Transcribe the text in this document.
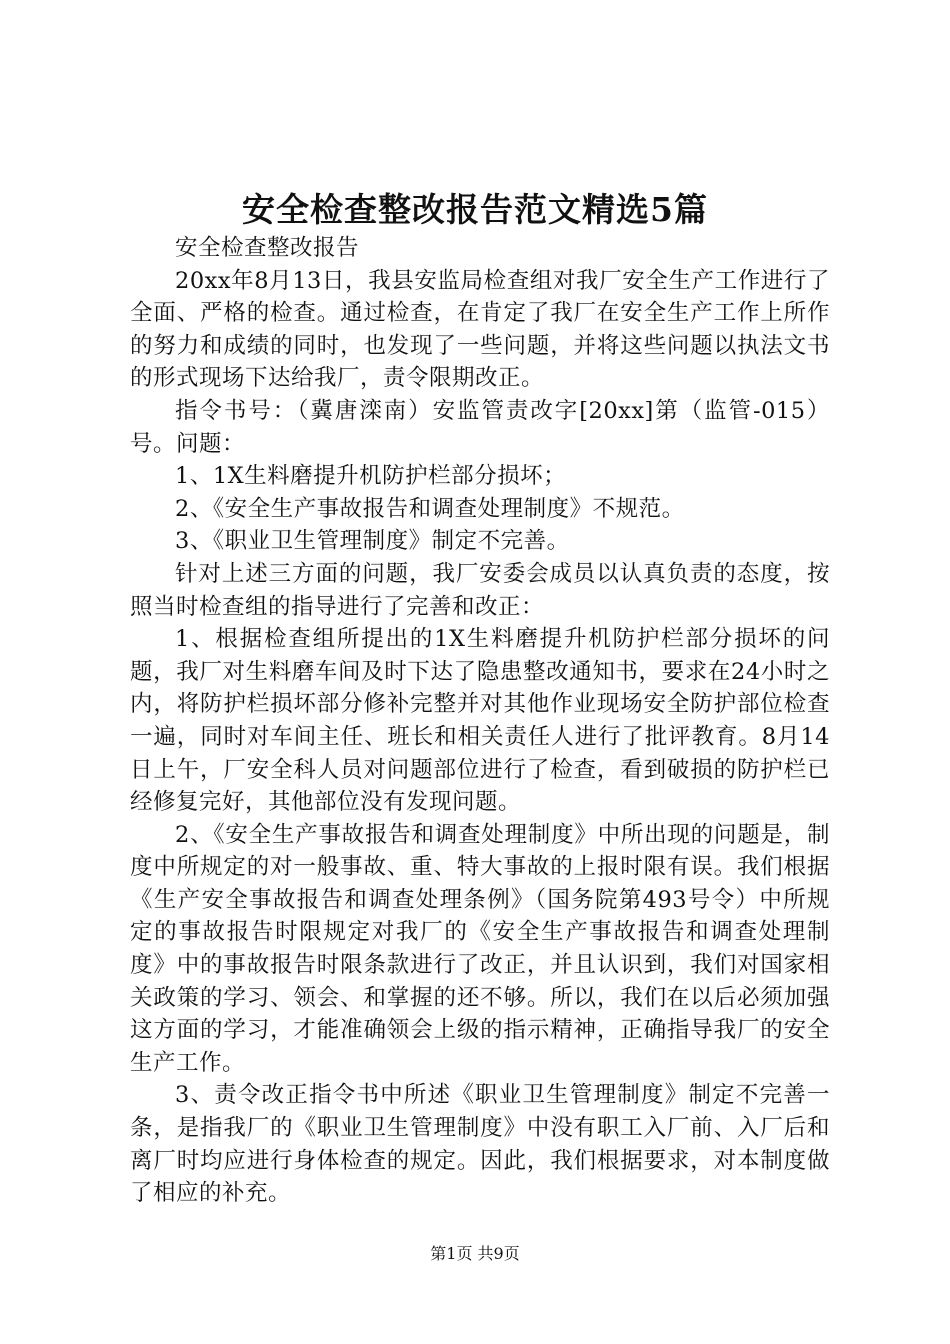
安全检查整改报告范文精选5篇

安全检查整改报告

20xx年8月13日，我县安监局检查组对我厂安全生产工作进行了全面、严格的检查。通过检查，在肯定了我厂在安全生产工作上所作的努力和成绩的同时，也发现了一些问题，并将这些问题以执法文书的形式现场下达给我厂，责令限期改正。

指令书号：（冀唐滦南）安监管责改字[20xx]第（监管-015）号。问题：

1、1X生料磨提升机防护栏部分损坏；

2、《安全生产事故报告和调查处理制度》不规范。

3、《职业卫生管理制度》制定不完善。

针对上述三方面的问题，我厂安委会成员以认真负责的态度，按照当时检查组的指导进行了完善和改正：

1、根据检查组所提出的1X生料磨提升机防护栏部分损坏的问题，我厂对生料磨车间及时下达了隐患整改通知书，要求在24小时之内，将防护栏损坏部分修补完整并对其他作业现场安全防护部位检查一遍，同时对车间主任、班长和相关责任人进行了批评教育。8月14日上午，厂安全科人员对问题部位进行了检查，看到破损的防护栏已经修复完好，其他部位没有发现问题。

2、《安全生产事故报告和调查处理制度》中所出现的问题是，制度中所规定的对一般事故、重、特大事故的上报时限有误。我们根据《生产安全事故报告和调查处理条例》（国务院第493号令）中所规定的事故报告时限规定对我厂的《安全生产事故报告和调查处理制度》中的事故报告时限条款进行了改正，并且认识到，我们对国家相关政策的学习、领会、和掌握的还不够。所以，我们在以后必须加强这方面的学习，才能准确领会上级的指示精神，正确指导我厂的安全生产工作。

3、责令改正指令书中所述《职业卫生管理制度》制定不完善一条，是指我厂的《职业卫生管理制度》中没有职工入厂前、入厂后和离厂时均应进行身体检查的规定。因此，我们根据要求，对本制度做了相应的补充。

第1页 共9页
